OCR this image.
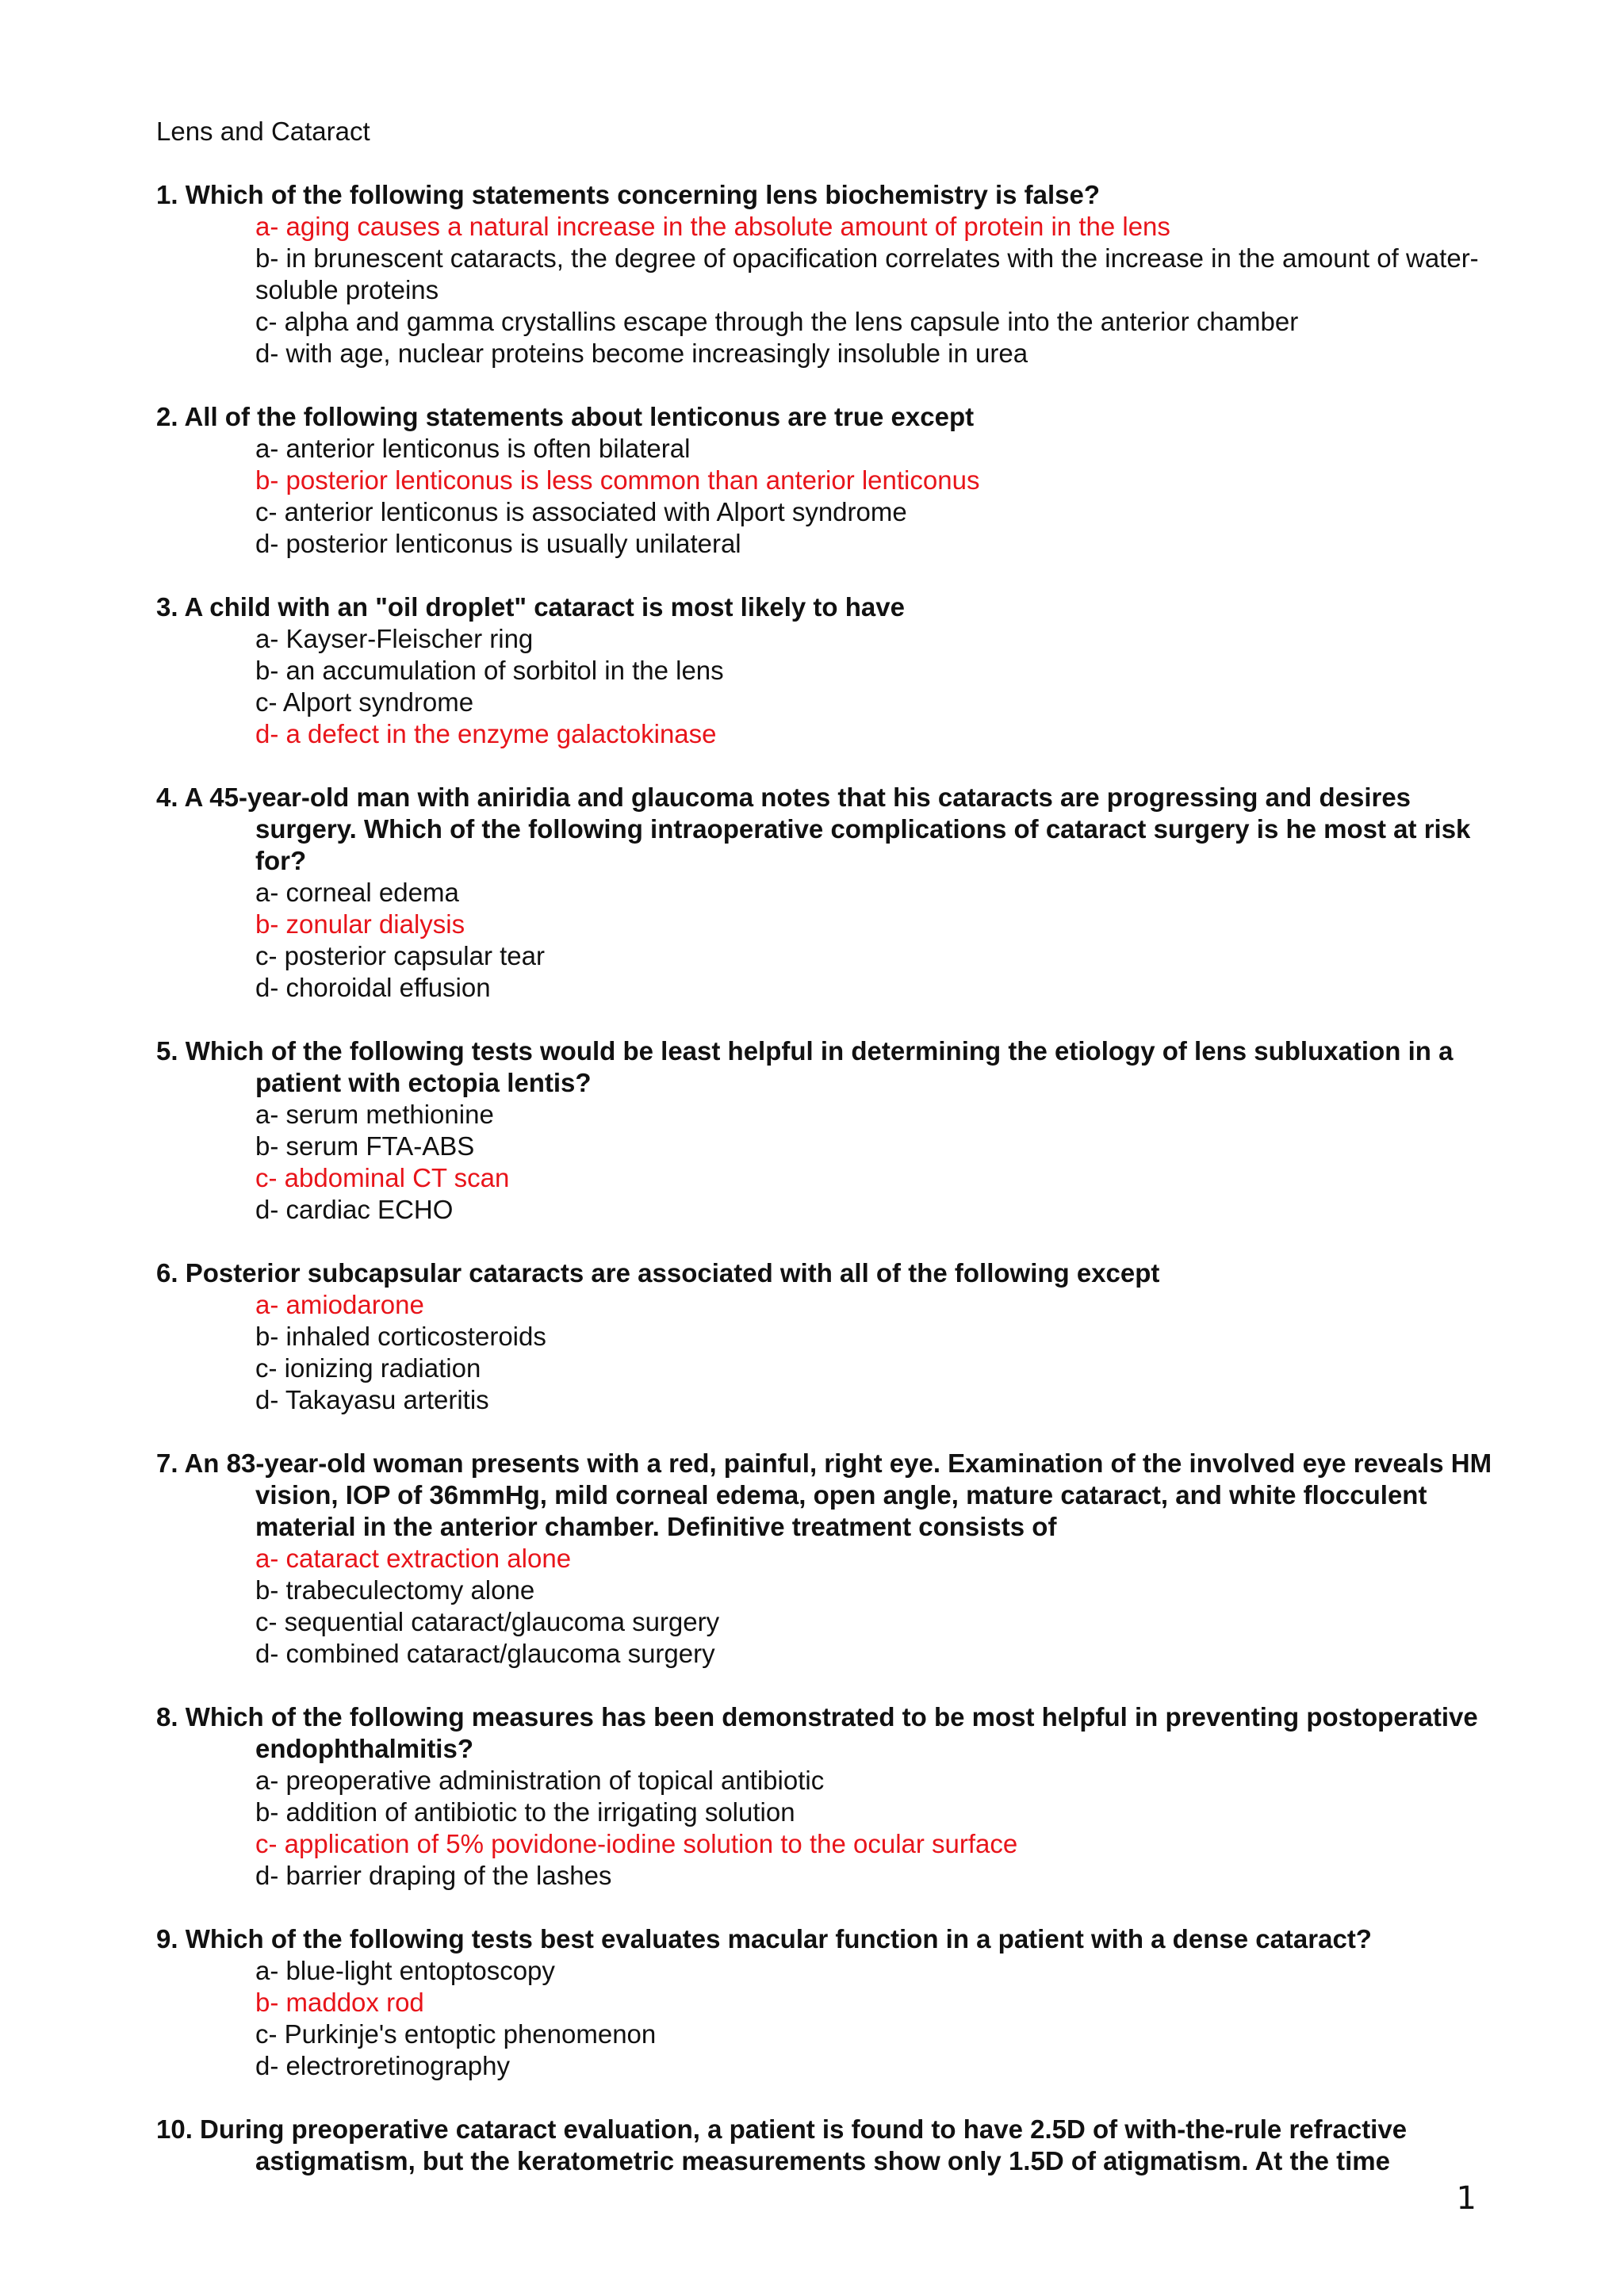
Lens and Cataract
1. Which of the following statements concerning lens biochemistry is false?
a- aging causes a natural increase in the absolute amount of protein in the lens
b- in brunescent cataracts, the degree of opacification correlates with the increase in the amount of water-soluble proteins
c- alpha and gamma crystallins escape through the lens capsule into the anterior chamber
d- with age, nuclear proteins become increasingly insoluble in urea
2. All of the following statements about lenticonus are true except
a- anterior lenticonus is often bilateral
b- posterior lenticonus is less common than anterior lenticonus
c- anterior lenticonus is associated with Alport syndrome
d- posterior lenticonus is usually unilateral
3. A child with an "oil droplet" cataract is most likely to have
a- Kayser-Fleischer ring
b- an accumulation of sorbitol in the lens
c- Alport syndrome
d- a defect in the enzyme galactokinase
4. A 45-year-old man with aniridia and glaucoma notes that his cataracts are progressing and desires surgery. Which of the following intraoperative complications of cataract surgery is he most at risk for?
a- corneal edema
b- zonular dialysis
c- posterior capsular tear
d- choroidal effusion
5. Which of the following tests would be least helpful in determining the etiology of lens subluxation in a patient with ectopia lentis?
a- serum methionine
b- serum FTA-ABS
c- abdominal CT scan
d- cardiac ECHO
6. Posterior subcapsular cataracts are associated with all of the following except
a- amiodarone
b- inhaled corticosteroids
c- ionizing radiation
d- Takayasu arteritis
7. An 83-year-old woman presents with a red, painful, right eye. Examination of the involved eye reveals HM vision, IOP of 36mmHg, mild corneal edema, open angle, mature cataract, and white flocculent material in the anterior chamber. Definitive treatment consists of
a- cataract extraction alone
b- trabeculectomy alone
c- sequential cataract/glaucoma surgery
d- combined cataract/glaucoma surgery
8. Which of the following measures has been demonstrated to be most helpful in preventing postoperative endophthalmitis?
a- preoperative administration of topical antibiotic
b- addition of antibiotic to the irrigating solution
c- application of 5% povidone-iodine solution to the ocular surface
d- barrier draping of the lashes
9. Which of the following tests best evaluates macular function in a patient with a dense cataract?
a- blue-light entoptoscopy
b- maddox rod
c- Purkinje's entoptic phenomenon
d- electroretinography
10. During preoperative cataract evaluation, a patient is found to have 2.5D of with-the-rule refractive astigmatism, but the keratometric measurements show only 1.5D of atigmatism. At the time
1
